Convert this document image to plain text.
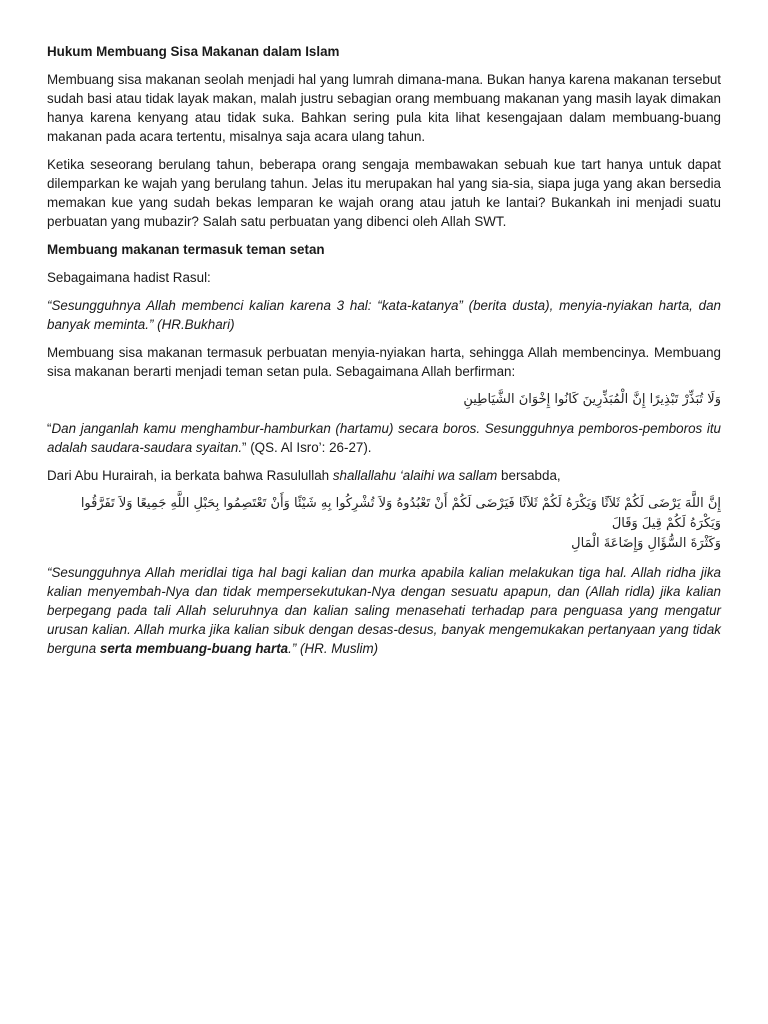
Hukum Membuang Sisa Makanan dalam Islam

Membuang sisa makanan seolah menjadi hal yang lumrah dimana-mana. Bukan hanya karena makanan tersebut sudah basi atau tidak layak makan, malah justru sebagian orang membuang makanan yang masih layak dimakan hanya karena kenyang atau tidak suka. Bahkan sering pula kita lihat kesengajaan dalam membuang-buang makanan pada acara tertentu, misalnya saja acara ulang tahun.

Ketika seseorang berulang tahun, beberapa orang sengaja membawakan sebuah kue tart hanya untuk dapat dilemparkan ke wajah yang berulang tahun. Jelas itu merupakan hal yang sia-sia, siapa juga yang akan bersedia memakan kue yang sudah bekas lemparan ke wajah orang atau jatuh ke lantai? Bukankah ini menjadi suatu perbuatan yang mubazir? Salah satu perbuatan yang dibenci oleh Allah SWT.

Membuang makanan termasuk teman setan

Sebagaimana hadist Rasul:

“Sesungguhnya Allah membenci kalian karena 3 hal: “kata-katanya” (berita dusta), menyia-nyiakan harta, dan banyak meminta.” (HR.Bukhari)

Membuang sisa makanan termasuk perbuatan menyia-nyiakan harta, sehingga Allah membencinya. Membuang sisa makanan berarti menjadi teman setan pula. Sebagaimana Allah berfirman:

وَلَا تُبَذِّرْ تَبْذِيرًا إِنَّ الْمُبَذِّرِينَ كَانُوا إِخْوَانَ الشَّيَاطِينِ

“Dan janganlah kamu menghambur-hamburkan (hartamu) secara boros. Sesungguhnya pemboros-pemboros itu adalah saudara-saudara syaitan.” (QS. Al Isro’: 26-27).

Dari Abu Hurairah, ia berkata bahwa Rasulullah shallallahu ‘alaihi wa sallam bersabda,

إِنَّ اللَّهَ يَرْضَى لَكُمْ ثَلاَثًا وَيَكْرَهُ لَكُمْ ثَلاَثًا فَيَرْضَى لَكُمْ أَنْ تَعْبُدُوهُ وَلاَ تُشْرِكُوا بِهِ شَيْئًا وَأَنْ تَعْتَصِمُوا بِحَبْلِ اللَّهِ جَمِيعًا وَلاَ تَفَرَّقُوا وَيَكْرَهُ لَكُمْ قِيلَ وَقَالَ
وَكَثْرَةَ السُّؤَالِ وَإِضَاعَةَ الْمَالِ

“Sesungguhnya Allah meridlai tiga hal bagi kalian dan murka apabila kalian melakukan tiga hal. Allah ridha jika kalian menyembah-Nya dan tidak mempersekutukan-Nya dengan sesuatu apapun, dan (Allah ridla) jika kalian berpegang pada tali Allah seluruhnya dan kalian saling menasehati terhadap para penguasa yang mengatur urusan kalian. Allah murka jika kalian sibuk dengan desas-desus, banyak mengemukakan pertanyaan yang tidak berguna serta membuang-buang harta.” (HR. Muslim)
